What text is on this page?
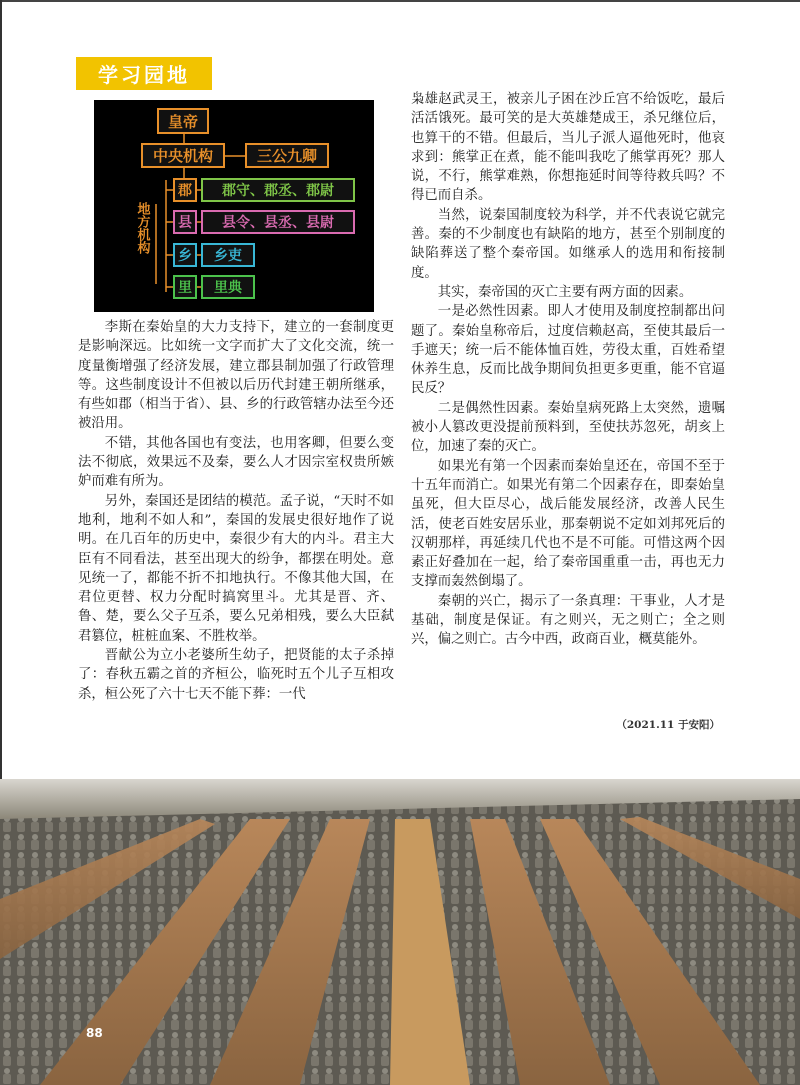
学习园地
皇帝
中央机构	三公九卿
地方机构
郡 郡守、郡丞、郡尉
县 县令、县丞、县尉
乡 乡吏
里 里典

李斯在秦始皇的大力支持下，建立的一套制度更是影响深远。比如统一文字而扩大了文化交流，统一度量衡增强了经济发展，建立郡县制加强了行政管理等。这些制度设计不但被以后历代封建王朝所继承，有些如郡（相当于省）、县、乡的行政管辖办法至今还被沿用。

不错，其他各国也有变法，也用客卿，但要么变法不彻底，效果远不及秦，要么人才因宗室权贵所嫉妒而难有所为。

另外，秦国还是团结的模范。孟子说，“天时不如地利，地利不如人和”，秦国的发展史很好地作了说明。在几百年的历史中，秦很少有大的内斗。君主大臣有不同看法，甚至出现大的纷争，都摆在明处。意见统一了，都能不折不扣地执行。不像其他大国，在君位更替、权力分配时搞窝里斗。尤其是晋、齐、鲁、楚，要么父子互杀，要么兄弟相残，要么大臣弑君篡位，桩桩血案、不胜枚举。

晋献公为立小老婆所生幼子，把贤能的太子杀掉了：春秋五霸之首的齐桓公，临死时五个儿子互相攻杀，桓公死了六十七天不能下葬：一代

枭雄赵武灵王，被亲儿子困在沙丘宫不给饭吃，最后活活饿死。最可笑的是大英雄楚成王，杀兄继位后，也算干的不错。但最后，当儿子派人逼他死时，他哀求到：熊掌正在煮，能不能叫我吃了熊掌再死？那人说，不行，熊掌难熟，你想拖延时间等待救兵吗？不得已而自杀。

当然，说秦国制度较为科学，并不代表说它就完善。秦的不少制度也有缺陷的地方，甚至个别制度的缺陷葬送了整个秦帝国。如继承人的选用和衔接制度。

其实，秦帝国的灭亡主要有两方面的因素。

一是必然性因素。即人才使用及制度控制都出问题了。秦始皇称帝后，过度信赖赵高，至使其最后一手遮天；统一后不能体恤百姓，劳役太重，百姓希望休养生息，反而比战争期间负担更多更重，能不官逼民反？

二是偶然性因素。秦始皇病死路上太突然，遗嘱被小人篡改更没提前预料到，至使扶苏忽死，胡亥上位，加速了秦的灭亡。

如果光有第一个因素而秦始皇还在，帝国不至于十五年而消亡。如果光有第二个因素存在，即秦始皇虽死，但大臣尽心，战后能发展经济，改善人民生活，使老百姓安居乐业，那秦朝说不定如刘邦死后的汉朝那样，再延续几代也不是不可能。可惜这两个因素正好叠加在一起，给了秦帝国重重一击，再也无力支撑而轰然倒塌了。

秦朝的兴亡，揭示了一条真理：干事业，人才是基础，制度是保证。有之则兴，无之则亡；全之则兴，偏之则亡。古今中西，政商百业，概莫能外。

（2021.11 于安阳）
88
